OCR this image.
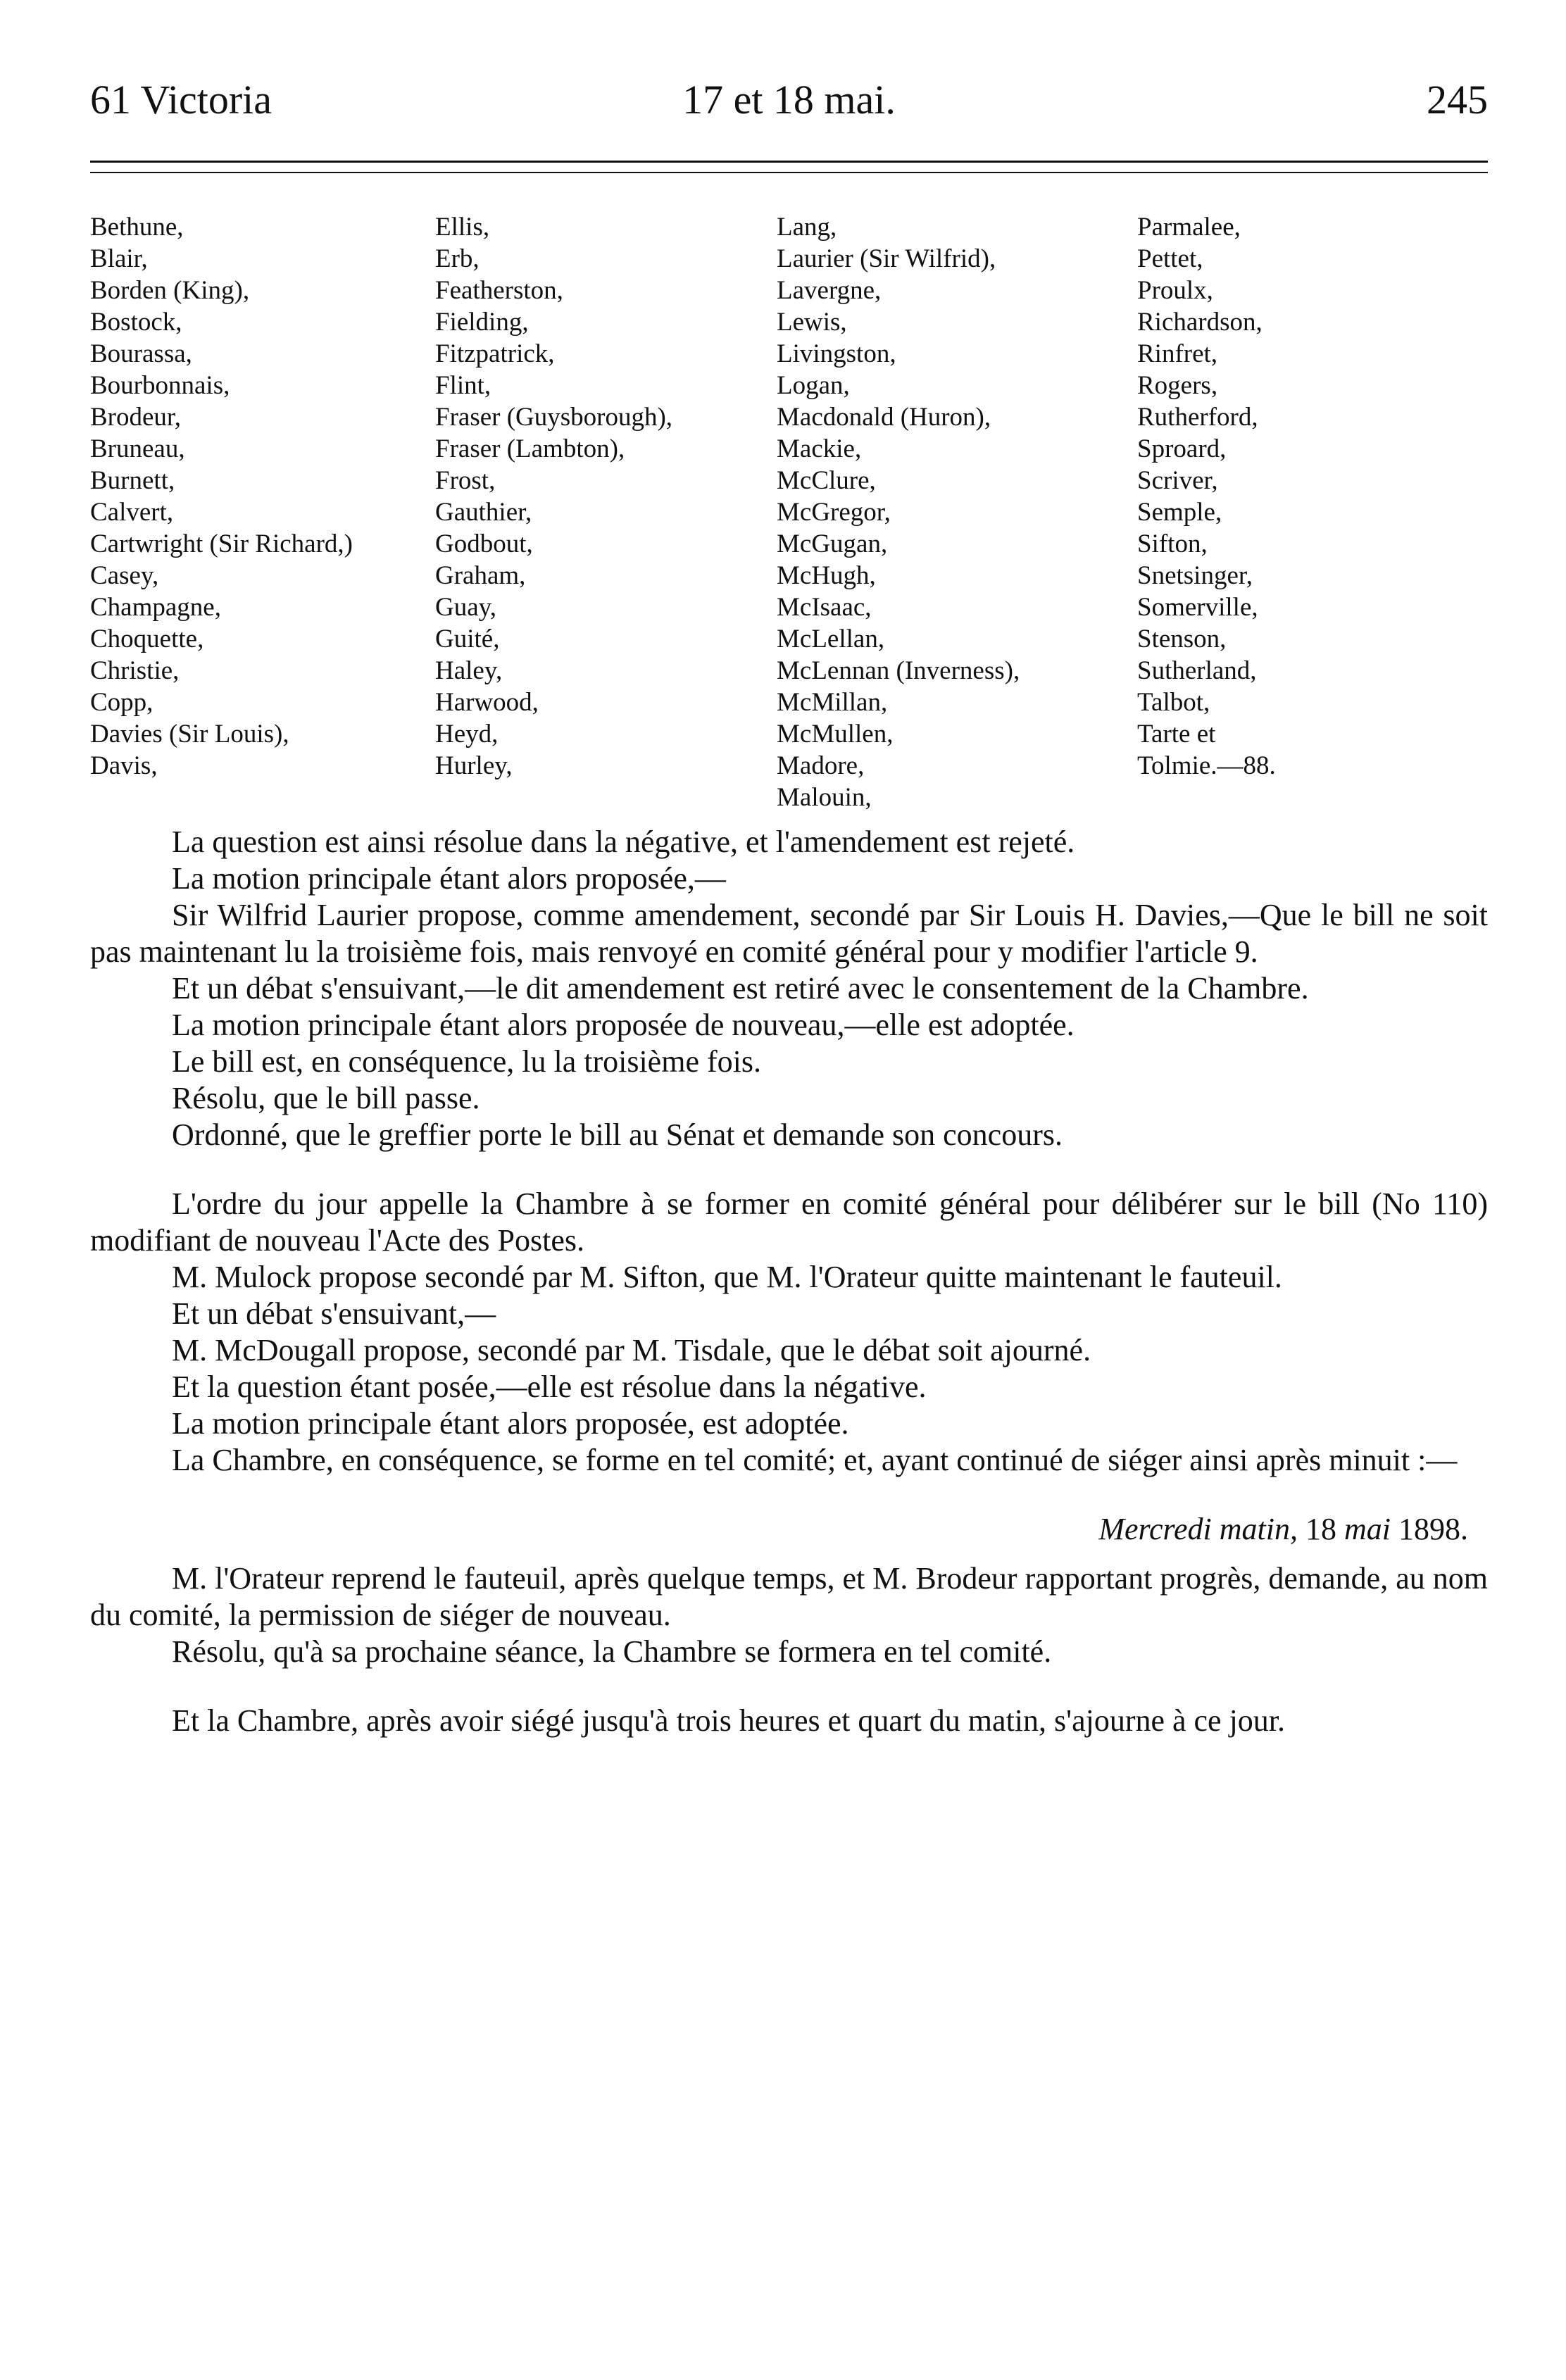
61 Victoria	17 et 18 mai.	245
Bethune,
Blair,
Borden (King),
Bostock,
Bourassa,
Bourbonnais,
Brodeur,
Bruneau,
Burnett,
Calvert,
Cartwright (Sir Richard,)
Casey,
Champagne,
Choquette,
Christie,
Copp,
Davies (Sir Louis),
Davis,
Ellis,
Erb,
Featherston,
Fielding,
Fitzpatrick,
Flint,
Fraser (Guysborough),
Fraser (Lambton),
Frost,
Gauthier,
Godbout,
Graham,
Guay,
Guité,
Haley,
Harwood,
Heyd,
Hurley,
Lang,
Laurier (Sir Wilfrid),
Lavergne,
Lewis,
Livingston,
Logan,
Macdonald (Huron),
Mackie,
McClure,
McGregor,
McGugan,
McHugh,
McIsaac,
McLellan,
McLennan (Inverness),
McMillan,
McMullen,
Madore,
Malouin,
Parmalee,
Pettet,
Proulx,
Richardson,
Rinfret,
Rogers,
Rutherford,
Sproard,
Scriver,
Semple,
Sifton,
Snetsinger,
Somerville,
Stenson,
Sutherland,
Talbot,
Tarte et
Tolmie.—88.

La question est ainsi résolue dans la négative, et l'amendement est rejeté.

La motion principale étant alors proposée,—

Sir Wilfrid Laurier propose, comme amendement, secondé par Sir Louis H. Davies,—Que le bill ne soit pas maintenant lu la troisième fois, mais renvoyé en comité général pour y modifier l'article 9.

Et un débat s'ensuivant,—le dit amendement est retiré avec le consentement de la Chambre.

La motion principale étant alors proposée de nouveau,—elle est adoptée.

Le bill est, en conséquence, lu la troisième fois.

Résolu, que le bill passe.

Ordonné, que le greffier porte le bill au Sénat et demande son concours.

L'ordre du jour appelle la Chambre à se former en comité général pour délibérer sur le bill (No 110) modifiant de nouveau l'Acte des Postes.

M. Mulock propose secondé par M. Sifton, que M. l'Orateur quitte maintenant le fauteuil.

Et un débat s'ensuivant,—

M. McDougall propose, secondé par M. Tisdale, que le débat soit ajourné.

Et la question étant posée,—elle est résolue dans la négative.

La motion principale étant alors proposée, est adoptée.

La Chambre, en conséquence, se forme en tel comité; et, ayant continué de siéger ainsi après minuit :—

Mercredi matin, 18 mai 1898.

M. l'Orateur reprend le fauteuil, après quelque temps, et M. Brodeur rapportant progrès, demande, au nom du comité, la permission de siéger de nouveau.

Résolu, qu'à sa prochaine séance, la Chambre se formera en tel comité.

Et la Chambre, après avoir siégé jusqu'à trois heures et quart du matin, s'ajourne à ce jour.
